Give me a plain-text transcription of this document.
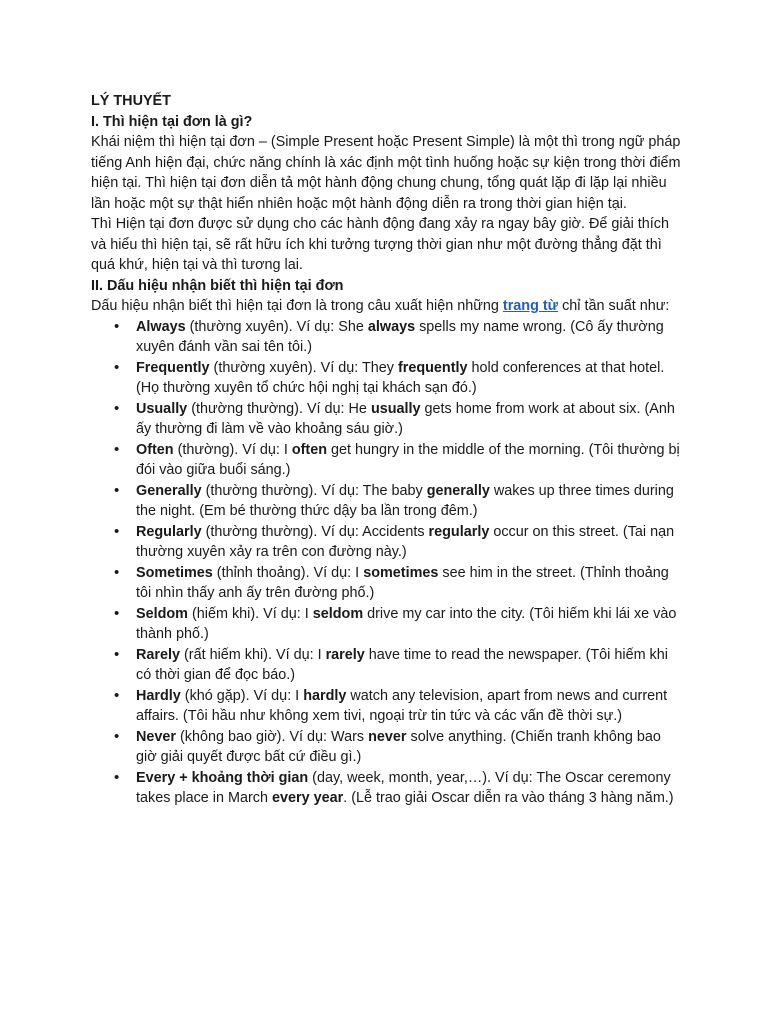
LÝ THUYẾT

I. Thì hiện tại đơn là gì?

Khái niệm thì hiện tại đơn – (Simple Present hoặc Present Simple) là một thì trong ngữ pháp tiếng Anh hiện đại, chức năng chính là xác định một tình huống hoặc sự kiện trong thời điểm hiện tại. Thì hiện tại đơn diễn tả một hành động chung chung, tổng quát lặp đi lặp lại nhiều lần hoặc một sự thật hiển nhiên hoặc một hành động diễn ra trong thời gian hiện tại.

Thì Hiện tại đơn được sử dụng cho các hành động đang xảy ra ngay bây giờ. Để giải thích và hiểu thì hiện tại, sẽ rất hữu ích khi tưởng tượng thời gian như một đường thẳng đặt thì quá khứ, hiện tại và thì tương lai.

II. Dấu hiệu nhận biết thì hiện tại đơn

Dấu hiệu nhận biết thì hiện tại đơn là trong câu xuất hiện những trang từ chỉ tần suất như:

• Always (thường xuyên). Ví dụ: She always spells my name wrong. (Cô ấy thường xuyên đánh vần sai tên tôi.)
• Frequently (thường xuyên). Ví dụ: They frequently hold conferences at that hotel. (Họ thường xuyên tổ chức hội nghị tại khách sạn đó.)
• Usually (thường thường). Ví dụ: He usually gets home from work at about six. (Anh ấy thường đi làm về vào khoảng sáu giờ.)
• Often (thường). Ví dụ: I often get hungry in the middle of the morning. (Tôi thường bị đói vào giữa buổi sáng.)
• Generally (thường thường). Ví dụ: The baby generally wakes up three times during the night. (Em bé thường thức dậy ba lần trong đêm.)
• Regularly (thường thường). Ví dụ: Accidents regularly occur on this street. (Tai nạn thường xuyên xảy ra trên con đường này.)
• Sometimes (thỉnh thoảng). Ví dụ: I sometimes see him in the street. (Thỉnh thoảng tôi nhìn thấy anh ấy trên đường phố.)
• Seldom (hiếm khi). Ví dụ: I seldom drive my car into the city. (Tôi hiếm khi lái xe vào thành phố.)
• Rarely (rất hiếm khi). Ví dụ: I rarely have time to read the newspaper. (Tôi hiếm khi có thời gian để đọc báo.)
• Hardly (khó gặp). Ví dụ: I hardly watch any television, apart from news and current affairs. (Tôi hầu như không xem tivi, ngoại trừ tin tức và các vấn đề thời sự.)
• Never (không bao giờ). Ví dụ: Wars never solve anything. (Chiến tranh không bao giờ giải quyết được bất cứ điều gì.)
• Every + khoảng thời gian (day, week, month, year,…). Ví dụ: The Oscar ceremony takes place in March every year. (Lễ trao giải Oscar diễn ra vào tháng 3 hàng năm.)
